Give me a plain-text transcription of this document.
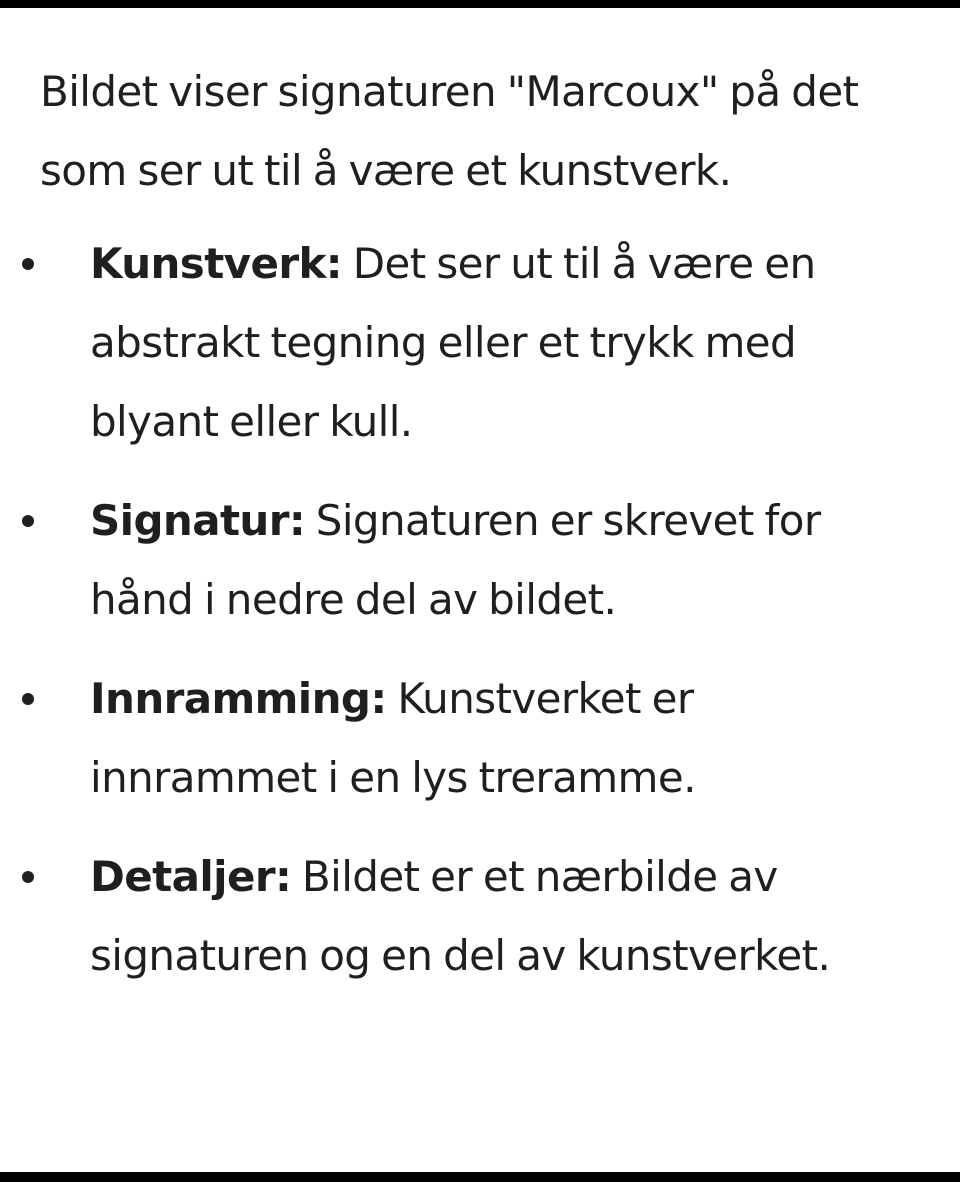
Bildet viser signaturen "Marcoux" på det som ser ut til å være et kunstverk.

Kunstverk: Det ser ut til å være en abstrakt tegning eller et trykk med blyant eller kull.
Signatur: Signaturen er skrevet for hånd i nedre del av bildet.
Innramming: Kunstverket er innrammet i en lys treramme.
Detaljer: Bildet er et nærbilde av signaturen og en del av kunstverket.
